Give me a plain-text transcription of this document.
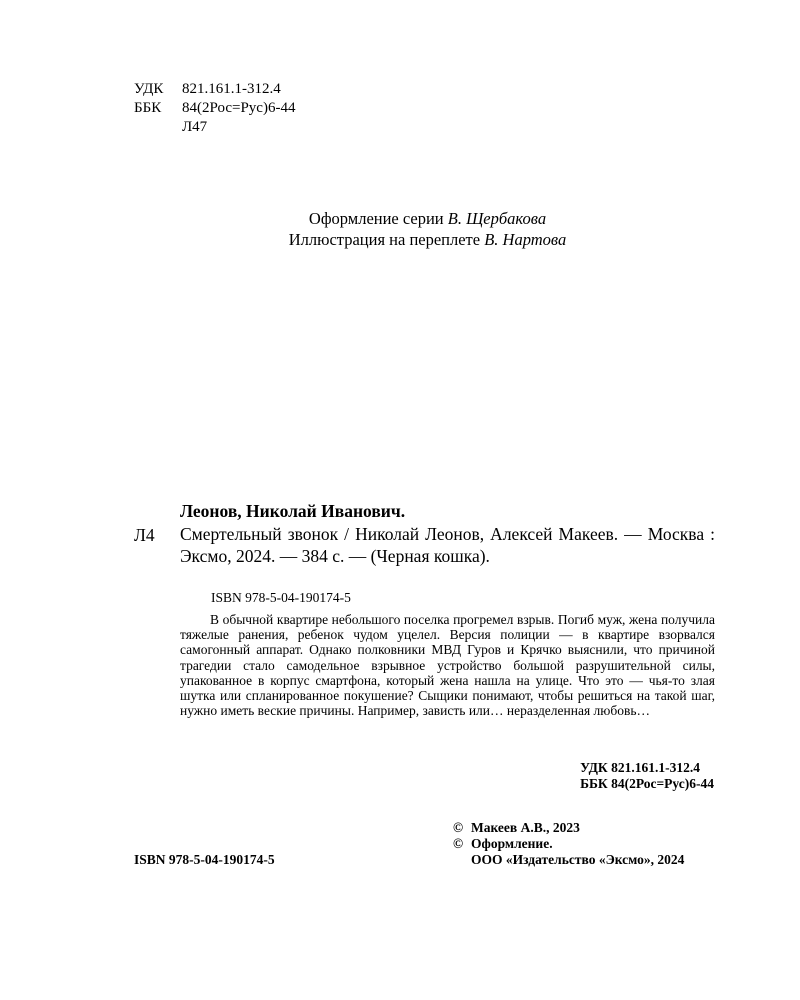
УДК	821.161.1-312.4
ББК	84(2Рос=Рус)6-44
Л47
Оформление серии В. Щербакова
Иллюстрация на переплете В. Нартова
Леонов, Николай Иванович.
Л4 Смертельный звонок / Николай Леонов, Алексей Макеев. — Москва : Эксмо, 2024. — 384 с. — (Черная кошка).
ISBN 978-5-04-190174-5
В обычной квартире небольшого поселка прогремел взрыв. Погиб муж, жена получила тяжелые ранения, ребенок чудом уцелел. Версия полиции — в квартире взорвался самогонный аппарат. Однако полковники МВД Гуров и Крячко выяснили, что причиной трагедии стало самодельное взрывное устройство большой разрушительной силы, упакованное в корпус смартфона, который жена нашла на улице. Что это — чья-то злая шутка или спланированное покушение? Сыщики понимают, чтобы решиться на такой шаг, нужно иметь веские причины. Например, зависть или… неразделенная любовь…
УДК 821.161.1-312.4
ББК 84(2Рос=Рус)6-44
© Макеев А.В., 2023
© Оформление.
ООО «Издательство «Эксмо», 2024
ISBN 978-5-04-190174-5
